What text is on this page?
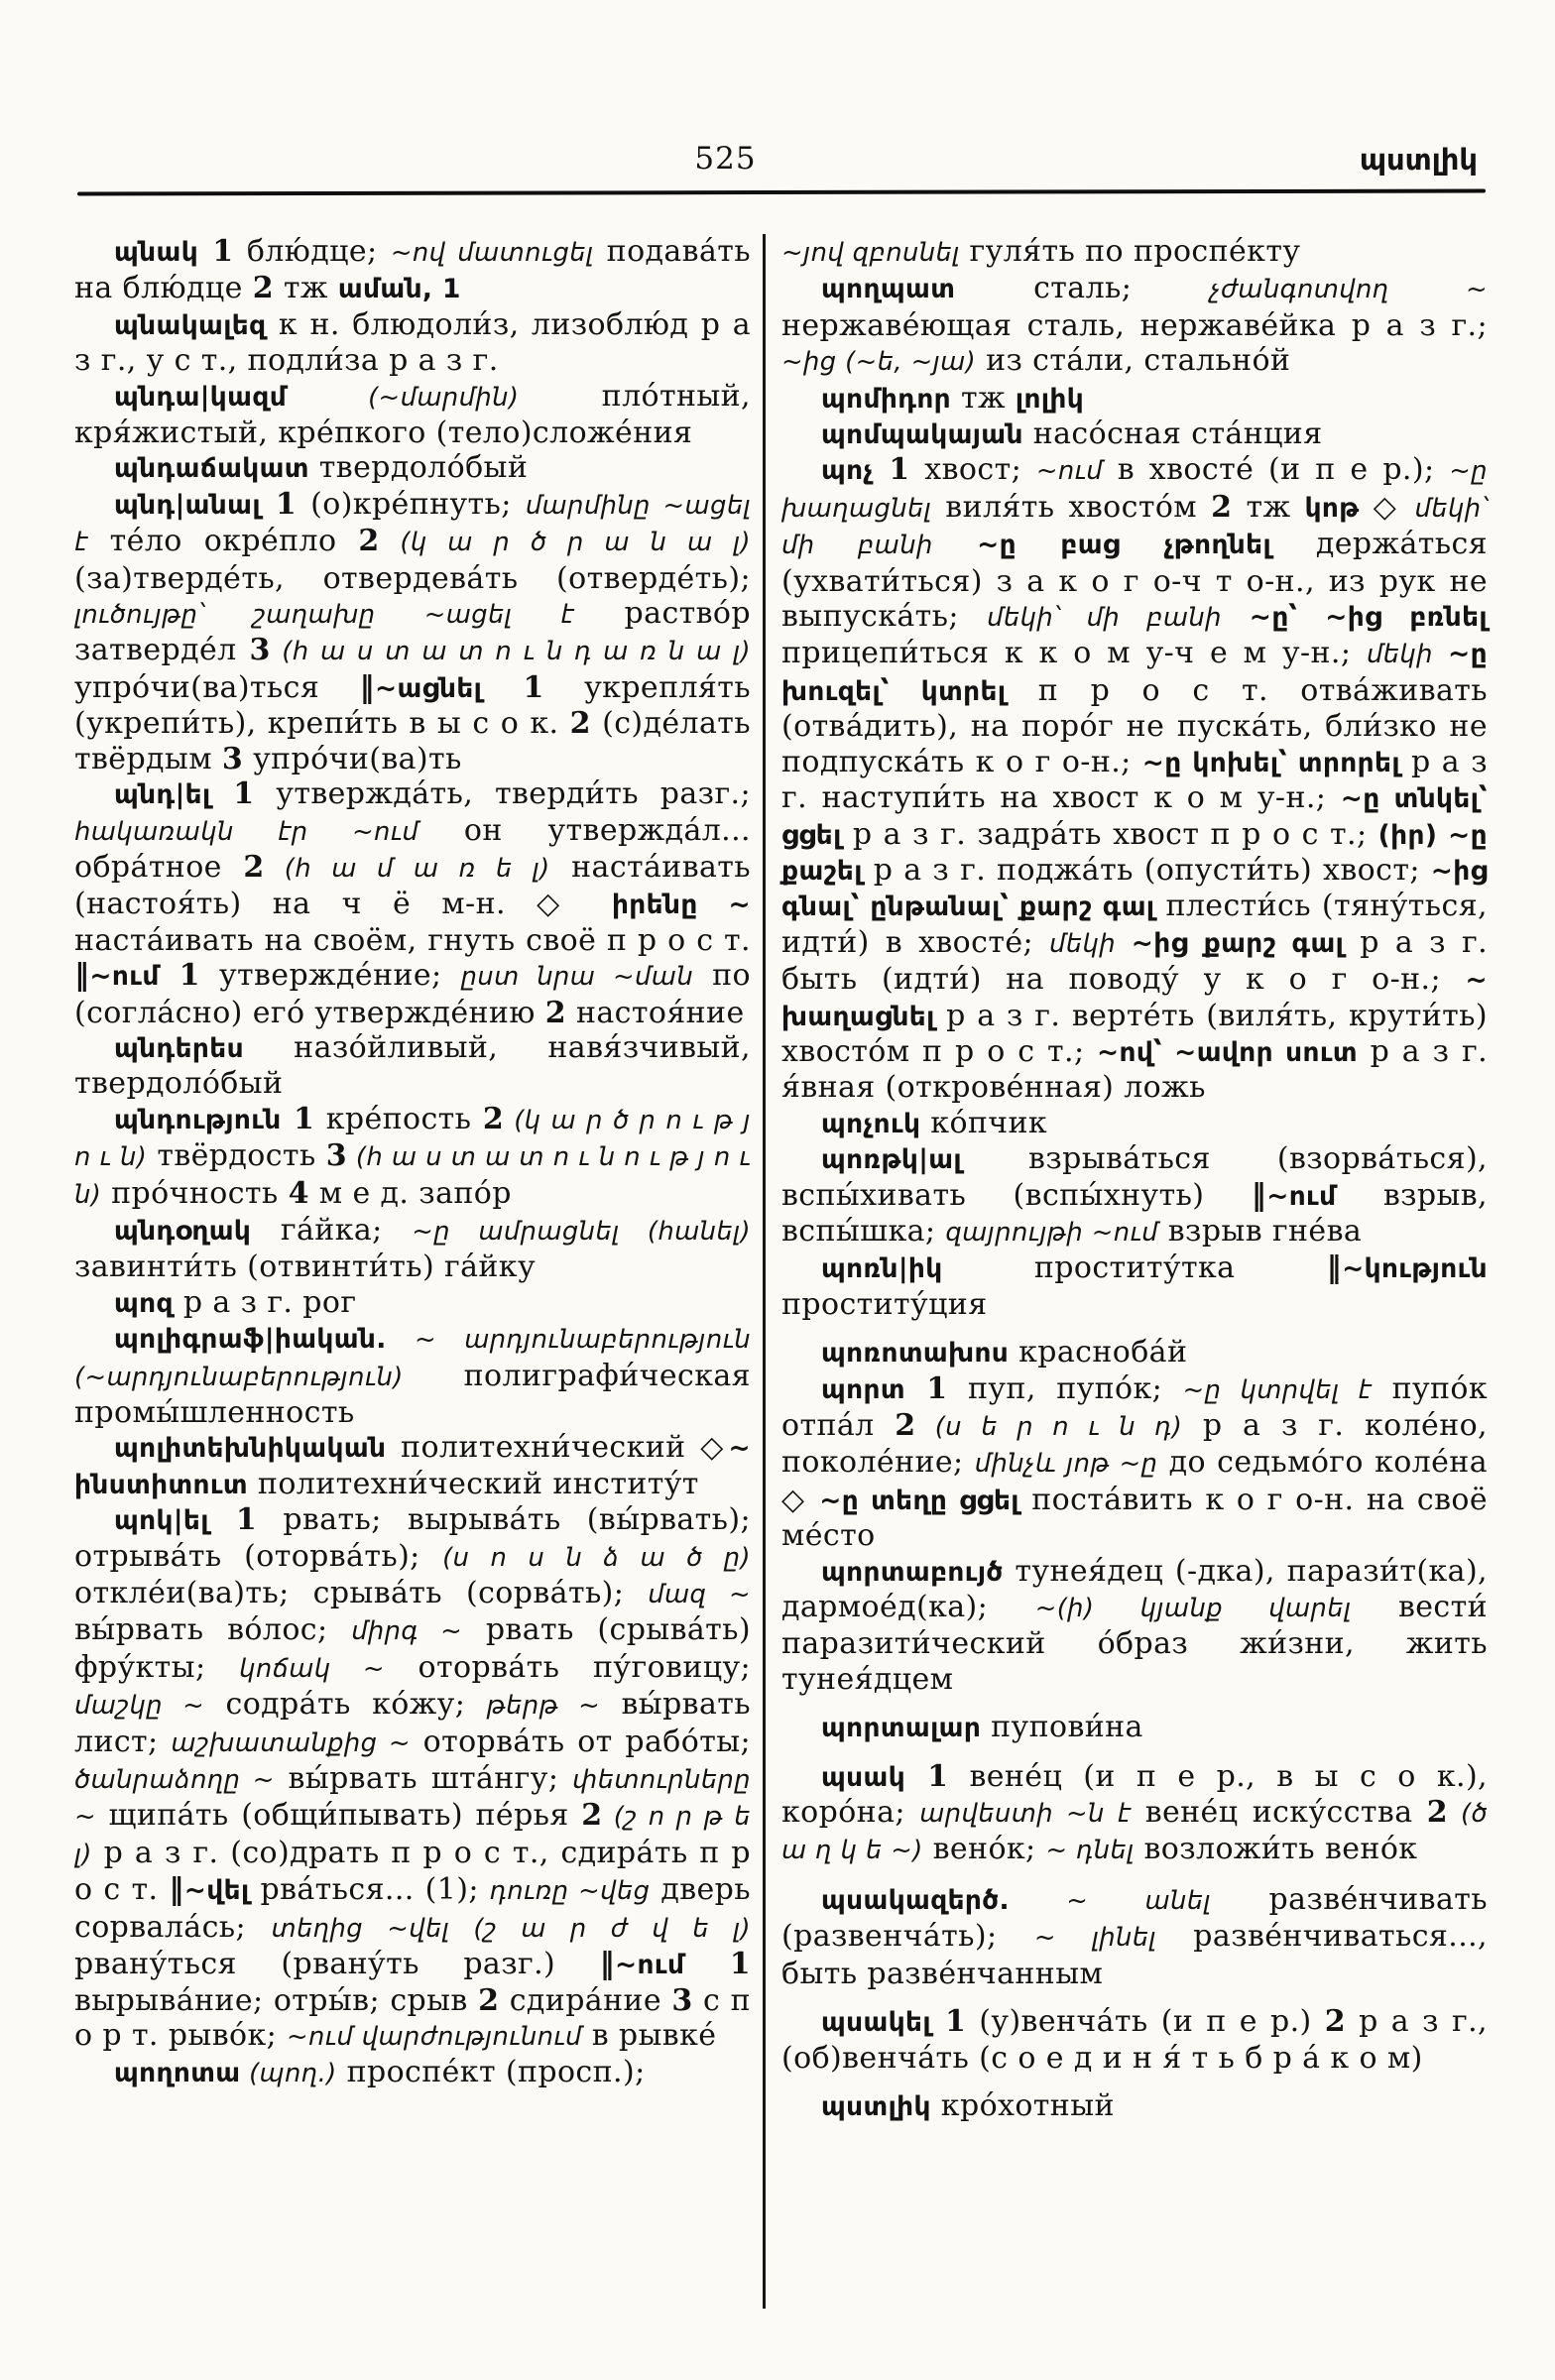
525	պստլիկ

պնակ 1 блю́дце; ~ով մատուցել подава́ть на блю́дце 2 тж աման, 1

պնակալեզ к н. блюдоли́з, лизоблю́д р а з г., у с т., подли́за р а з г.

պնդա|կազմ (~մարմին) пло́тный, кря́жистый, кре́пкого (тело)сложе́ния

պնդաճակատ твердоло́бый

պնդ|անալ 1 (о)кре́пнуть; մարմինը ~ացել է те́ло окре́пло 2 (կ ա ր ծ ր ա ն ա լ) (за)тверде́ть, отвердева́ть (отверде́ть); լուծույթը՝ շաղախը ~ացել է раство́р затверде́л 3 (հ ա ս տ ա տ ո ւ ն դ ա ռ ն ա լ) упро́чи(ва)ться ‖~ացնել 1 укрепля́ть (укрепи́ть), крепи́ть в ы с о к. 2 (с)де́лать твёрдым 3 упро́чи(ва)ть

պնդ|ել 1 утвержда́ть, тверди́ть разг.; հակառակն էր ~ում он утвержда́л... обра́тное 2 (հ ա մ ա ռ ե լ) наста́ивать (настоя́ть) на ч ё м-н. ◇ իրենը ~ наста́ивать на своём, гнуть своё п р о с т. ‖~ում 1 утвержде́ние; ըստ նրա ~ման по (согла́сно) его́ утвержде́нию 2 настоя́ние

պնդերես назо́йливый, навя́зчивый, твердоло́бый

պնդություն 1 кре́пость 2 (կ ա ր ծ ր ո ւ թ յ ո ւ ն) твёрдость 3 (հ ա ս տ ա տ ո ւ ն ո ւ թ յ ո ւ ն) про́чность 4 м е д. запо́р

պնդօղակ га́йка; ~ը ամրացնել (հանել) завинти́ть (отвинти́ть) га́йку

պոզ р а з г. рог

պոլիգրաֆ|իական. ~ արդյունաբերություն (~արդյունաբերություն) полиграфи́ческая промы́шленность

պոլիտեխնիկական политехни́ческий ◇~ ինստիտուտ политехни́ческий институ́т

պոկ|ել 1 рвать; вырыва́ть (вы́рвать); отрыва́ть (оторва́ть); (ս ո ս ն ձ ա ծ ը) откле́и(ва)ть; срыва́ть (сорва́ть); մազ ~ вы́рвать во́лос; միրգ ~ рвать (срыва́ть) фру́кты; կոճակ ~ оторва́ть пу́говицу; մաշկը ~ содра́ть ко́жу; թերթ ~ вы́рвать лист; աշխատանքից ~ оторва́ть от рабо́ты; ծանրաձողը ~ вы́рвать шта́нгу; փետուրները ~ щипа́ть (общи́пывать) пе́рья 2 (շ ո ր թ ե լ) р а з г. (со)драть п р о с т., сдира́ть п р о с т. ‖~վել рва́ться... (1); դուռը ~վեց дверь сорвала́сь; տեղից ~վել (շ ա ր ժ վ ե լ) рвану́ться (рвану́ть разг.) ‖~ում 1 вырыва́ние; отры́в; срыв 2 сдира́ние 3 с п о р т. рыво́к; ~ում վարժությունում в рывке́

պողոտա (պող.) проспе́кт (просп.);

~յով զբոսնել гуля́ть по проспе́кту

պողպատ сталь; չժանգոտվող ~ нержаве́ющая сталь, нержаве́йка р а з г.; ~ից (~ե, ~յա) из ста́ли, стально́й

պոմիդոր тж լոլիկ

պոմպակայան насо́сная ста́нция

պոչ 1 хвост; ~ում в хвосте́ (и п е р.); ~ը խաղացնել виля́ть хвосто́м 2 тж կոթ ◇ մեկի՝ մի բանի ~ը բաց չթողնել держа́ться (ухвати́ться) з а к о г о-ч т о-н., из рук не выпуска́ть; մեկի՝ մի բանի ~ը՝ ~ից բռնել прицепи́ться к к о м у-ч е м у-н.; մեկի ~ը խուզել՝ կտրել п р о с т. отва́живать (отва́дить), на поро́г не пуска́ть, бли́зко не подпуска́ть к о г о-н.; ~ը կոխել՝ տրորել р а з г. наступи́ть на хвост к о м у-н.; ~ը տնկել՝ ցցել р а з г. задра́ть хвост п р о с т.; (իր) ~ը քաշել р а з г. поджа́ть (опусти́ть) хвост; ~ից գնալ՝ ընթանալ՝ քարշ գալ плести́сь (тяну́ться, идти́) в хвосте́; մեկի ~ից քարշ գալ р а з г. быть (идти́) на поводу́ у к о г о-н.; ~ խաղացնել р а з г. верте́ть (виля́ть, крути́ть) хвосто́м п р о с т.; ~ով՝ ~ավոր սուտ р а з г. я́вная (открове́нная) ложь

պոչուկ ко́пчик

պոռթկ|ալ взрыва́ться (взорва́ться), вспы́хивать (вспы́хнуть) ‖~ում взрыв, вспы́шка; զայրույթի ~ում взрыв гне́ва

պոռն|իկ проститу́тка ‖~կություն проститу́ция

պոռոտախոս красноба́й

պորտ 1 пуп, пупо́к; ~ը կտրվել է пупо́к отпа́л 2 (ս ե ր ո ւ ն դ) р а з г. коле́но, поколе́ние; մինչև յոթ ~ը до седьмо́го коле́на ◇ ~ը տեղը ցցել поста́вить к о г о-н. на своё ме́сто

պորտաբույծ тунея́дец (-дка), парази́т(ка), дармое́д(ка); ~(ի) կյանք վարել вести́ паразити́ческий о́браз жи́зни, жить тунея́дцем

պորտալար пупови́на

պսակ 1 вене́ц (и п е р., в ы с о к.), коро́на; արվեստի ~ն է вене́ц иску́сства 2 (ծ ա ղ կ ե ~) вено́к; ~ դնել возложи́ть вено́к

պսակազերծ. ~ անել разве́нчивать (развенча́ть); ~ լինել разве́нчиваться..., быть разве́нчанным

պսակել 1 (у)венча́ть (и п е р.) 2 р а з г., (об)венча́ть (с о е д и н я́ т ь б р а́ к о м)

պստլիկ кро́хотный
